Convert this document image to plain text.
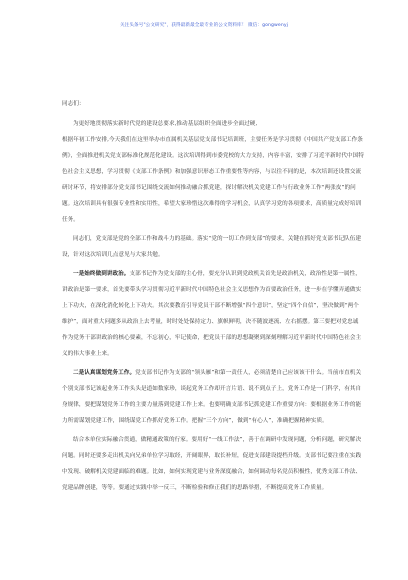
关注头条号"公文研究"，获得最新最全最专业的公文资料库！ 微信：gongwenyj

同志们：

为更好地贯彻落实新时代党的建设总要求,推动基层组织全面进步全面过硬,

根据年初工作安排,今天我们在这里举办市直属机关基层党支部书记培训班，主要任务是学习贯彻《中国共产党支部工作条例》，全面推进机关党支部标准化规范化建设。这次培训得到市委党校的大力支持，内容丰富，安排了习近平新时代中国特色社会主义思想，学习贯彻《支部工作条例》和加强意识形态工作重要性等内容，与以往不同的是，本次培训还设置交流研讨环节，将安排部分党支部书记围绕交流如何推动融合抓党建，探讨解决机关党建工作与行政业务工作“两张皮”的问题。这次培训具有很强专业性和实用性，希望大家珍惜这次难得的学习机会，认真学习党的各项要求，高质量完成好培训任务。

同志们，党支部是党的全部工作和战斗力的基础。落实“党的一切工作到支部”的要求，关键在抓好党支部书记队伍建设，针对这次培训几点意见与大家共勉。

一是始终做到讲政治。支部书记作为党支部的主心骨，要充分认识到党政机关首先是政治机关，政治性是第一属性，讲政治是第一要求，首先要带头学习贯彻习近平新时代中国特色社会主义思想作为首要政治任务，进一步在学懂弄通做实上下功夫，在深化消化转化上下功夫。其次要教育引导党员干部不断增强“四个意识”，坚定“四个自信”，坚决做到“两个维护”，面对重大问题多从政治上去考量，时时处处保持定力、旗帜鲜明，决不随波逐流、左右摇摆。第三要把对党忠诚作为党务干部讲政治的核心要素，不忘初心，牢记使命，把党员干部的思想凝聚到深刻理解习近平新时代中国特色社会主义的伟大事业上来。

二是认真谋划党务工作。党支部书记作为支部的“领头雁”和第一责任人，必须清楚自己应该该干什么。当前市直机关个别支部书记该起业务工作头头是道如数家珍，谈起党务工作却开言片语、说不到点子上，党务工作是一门科学，有其自身规律，要把谋划党务工作的主要力量落到党建工作上来。也要明确支部书记抓党建工作重要方向：要根据业务工作的能力所需谋划党建工作，围绕谋党工作抓好党务工作。把握“三个方向”，做到“有心人”，准确把握精神实质。

结合本单位实际融合贯通，做精通政策的行家。要用好“一线工作法”，善于在调研中发现问题，分析问题，研究解决问题。同时还要多走出机关向兄弟单位学习取经，开阔眼界，取长补短，促进支部建设提档升级。支部书记要注重在实践中发现、破解机关党建面临的难题。比如，如何实现党建与业务深度融合，如何调动每名党员积极性，优秀支部工作法、党建品牌创建，等等。要通过实践中举一反三，不断检验和修正我们的思路举措，不断提高党务工作质量。
